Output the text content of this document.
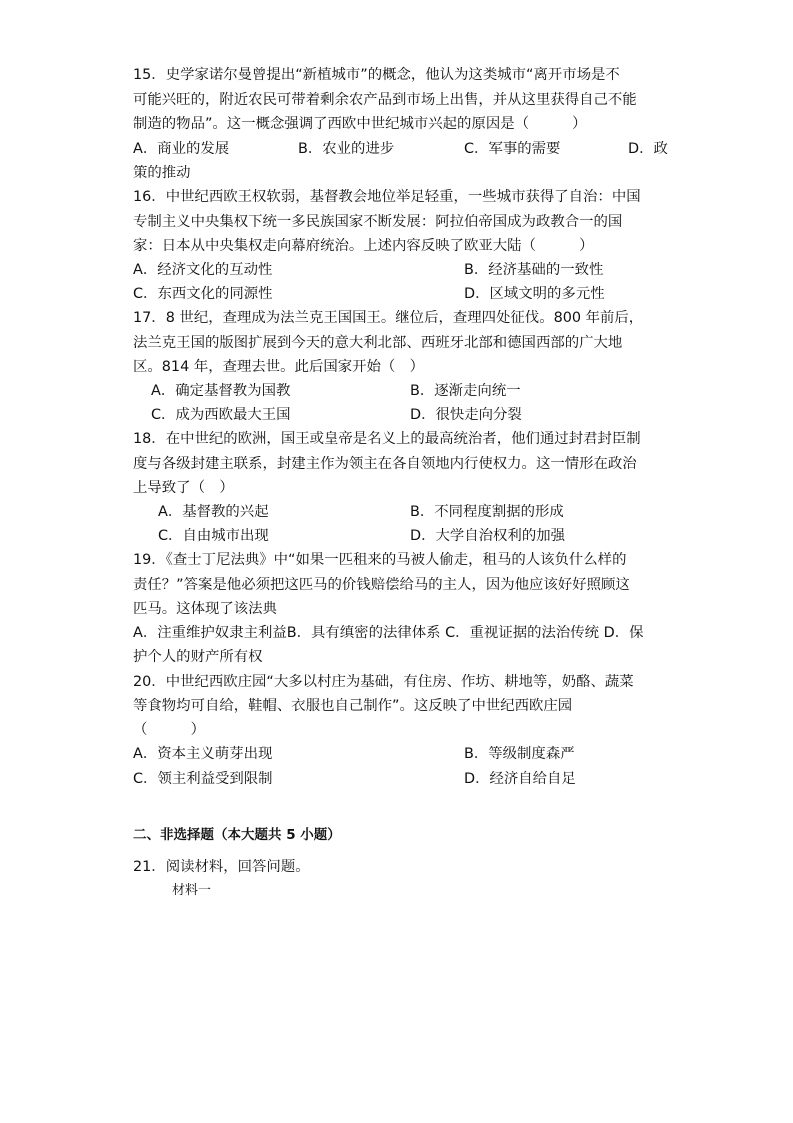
15．史学家诺尔曼曾提出“新植城市”的概念，他认为这类城市“离开市场是不
可能兴旺的，附近农民可带着剩余农产品到市场上出售，并从这里获得自己不能
制造的物品”。这一概念强调了西欧中世纪城市兴起的原因是（　　　）
A．商业的发展	B．农业的进步	C．军事的需要	D．政
策的推动
16．中世纪西欧王权软弱，基督教会地位举足轻重，一些城市获得了自治：中国
专制主义中央集权下统一多民族国家不断发展：阿拉伯帝国成为政教合一的国
家：日本从中央集权走向幕府统治。上述内容反映了欧亚大陆（　　　）
A．经济文化的互动性	B．经济基础的一致性
C．东西文化的同源性	D．区域文明的多元性
17．8 世纪，查理成为法兰克王国国王。继位后，查理四处征伐。800 年前后，
法兰克王国的版图扩展到今天的意大利北部、西班牙北部和德国西部的广大地
区。814 年，查理去世。此后国家开始（　）
A．确定基督教为国教	B．逐渐走向统一
C．成为西欧最大王国	D．很快走向分裂
18．在中世纪的欧洲，国王或皇帝是名义上的最高统治者，他们通过封君封臣制
度与各级封建主联系，封建主作为领主在各自领地内行使权力。这一情形在政治
上导致了（　）
A．基督教的兴起	B．不同程度割据的形成
C．自由城市出现	D．大学自治权利的加强
19．《查士丁尼法典》中“如果一匹租来的马被人偷走，租马的人该负什么样的
责任？”答案是他必须把这匹马的价钱赔偿给马的主人，因为他应该好好照顾这
匹马。这体现了该法典
A．注重维护奴隶主利益B．具有缜密的法律体系 C．重视证据的法治传统 D．保
护个人的财产所有权
20．中世纪西欧庄园“大多以村庄为基础，有住房、作坊、耕地等，奶酪、蔬菜
等食物均可自给，鞋帽、衣服也自己制作”。这反映了中世纪西欧庄园
（　　　）
A．资本主义萌芽出现	B．等级制度森严
C．领主利益受到限制	D．经济自给自足
二、非选择题（本大题共 5 小题）
21．阅读材料，回答问题。
材料一
